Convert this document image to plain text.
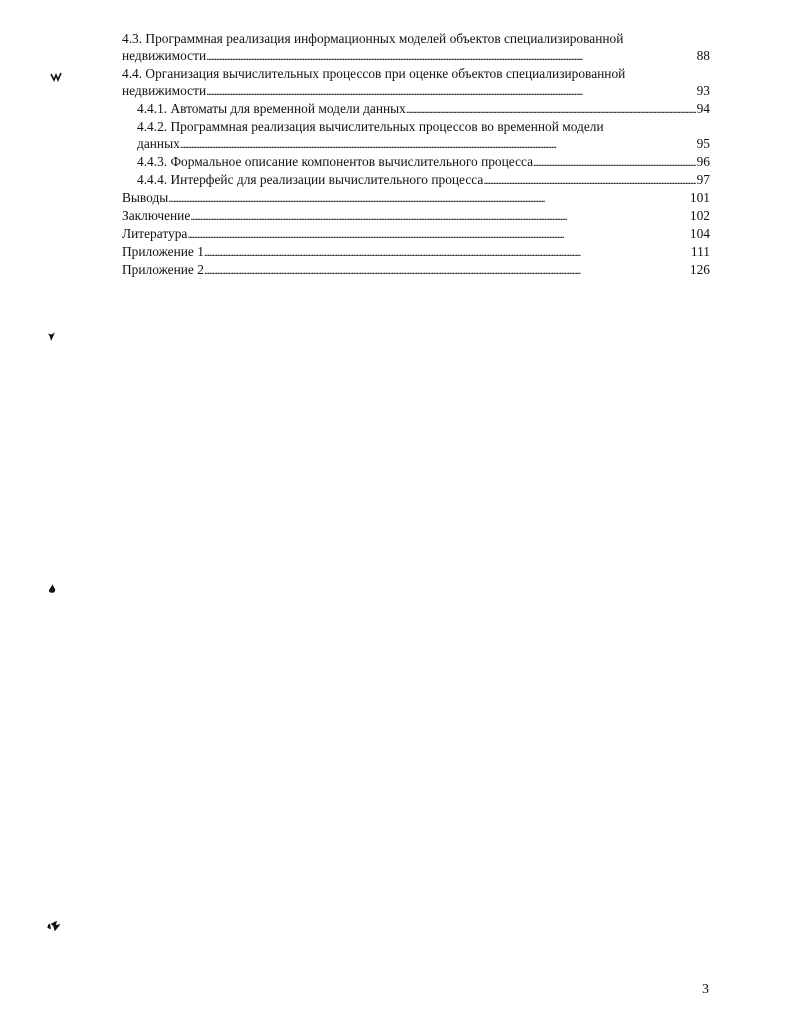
4.3. Программная реализация информационных моделей объектов специализированной
недвижимости . . .	88
4.4. Организация вычислительных процессов при оценке объектов специализированной
недвижимости . . .	93
4.4.1. Автоматы для временной модели данных . . .	94
4.4.2. Программная реализация вычислительных процессов во временной модели
данных . . .	95
4.4.3. Формальное описание компонентов вычислительного процесса . . .	96
4.4.4. Интерфейс для реализации вычислительного процесса . . .	97
Выводы . . .	101
Заключение . . .	102
Литература . . .	104
Приложение 1 . . .	111
Приложение 2 . . .	126
3
